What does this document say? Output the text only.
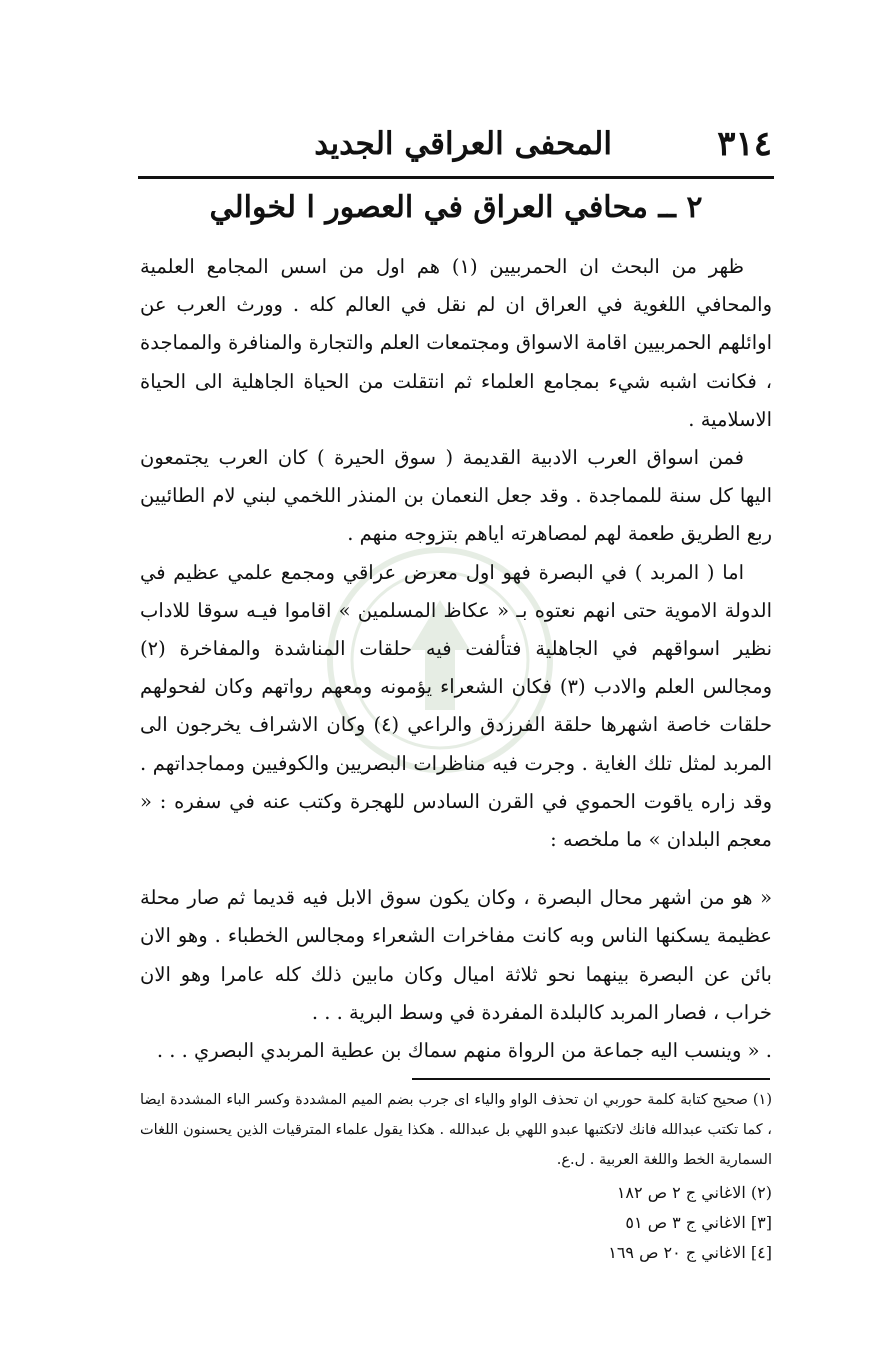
٣١٤
المحفى العراقي الجديد
٢ ــ محافي العراق في العصور ا لخوالي

ظهر من البحث ان الحمربيين (١) هم اول من اسس المجامع العلمية والمحافي اللغوية في العراق ان لم نقل في العالم كله . وورث العرب عن اوائلهم الحمربيين اقامة الاسواق ومجتمعات العلم والتجارة والمنافرة والمماجدة ، فكانت اشبه شيء بمجامع العلماء ثم انتقلت من الحياة الجاهلية الى الحياة الاسلامية .

فمن اسواق العرب الادبية القديمة ( سوق الحيرة ) كان العرب يجتمعون اليها كل سنة للمماجدة . وقد جعل النعمان بن المنذر اللخمي لبني لام الطائيين ربع الطريق طعمة لهم لمصاهرته اياهم بتزوجه منهم .

اما ( المربد ) في البصرة فهو اول معرض عراقي ومجمع علمي عظيم في الدولة الاموية حتى انهم نعتوه بـ « عكاظ المسلمين » اقاموا فيـه سوقا للاداب نظير اسواقهم في الجاهلية فتألفت فيه حلقات المناشدة والمفاخرة (٢) ومجالس العلم والادب (٣) فكان الشعراء يؤمونه ومعهم رواتهم وكان لفحولهم حلقات خاصة اشهرها حلقة الفرزدق والراعي (٤) وكان الاشراف يخرجون الى المربد لمثل تلك الغاية . وجرت فيه مناظرات البصريين والكوفيين ومماجداتهم . وقد زاره ياقوت الحموي في القرن السادس للهجرة وكتب عنه في سفره : « معجم البلدان » ما ملخصه :

« هو من اشهر محال البصرة ، وكان يكون سوق الابل فيه قديما ثم صار محلة عظيمة يسكنها الناس وبه كانت مفاخرات الشعراء ومجالس الخطباء . وهو الان بائن عن البصرة بينهما نحو ثلاثة اميال وكان مابين ذلك كله عامرا وهو الان خراب ، فصار المربد كالبلدة المفردة في وسط البرية . . .

. « وينسب اليه جماعة من الرواة منهم سماك بن عطية المربدي البصري . . .

(١) صحيح كتابة كلمة حوربي ان تحذف الواو والياء اى جرب بضم الميم المشددة وكسر الباء المشددة ايضا ، كما تكتب عبدالله فانك لاتكتبها عبدو اللهي بل عبدالله . هكذا يقول علماء المترقيات الذين يحسنون اللغات السمارية الخط واللغة العربية . ل.ع.

(٢) الاغاني ج ٢ ص ١٨٢

[٣] الاغاني ج ٣ ص ٥١

[٤] الاغاني ج ٢٠ ص ١٦٩
